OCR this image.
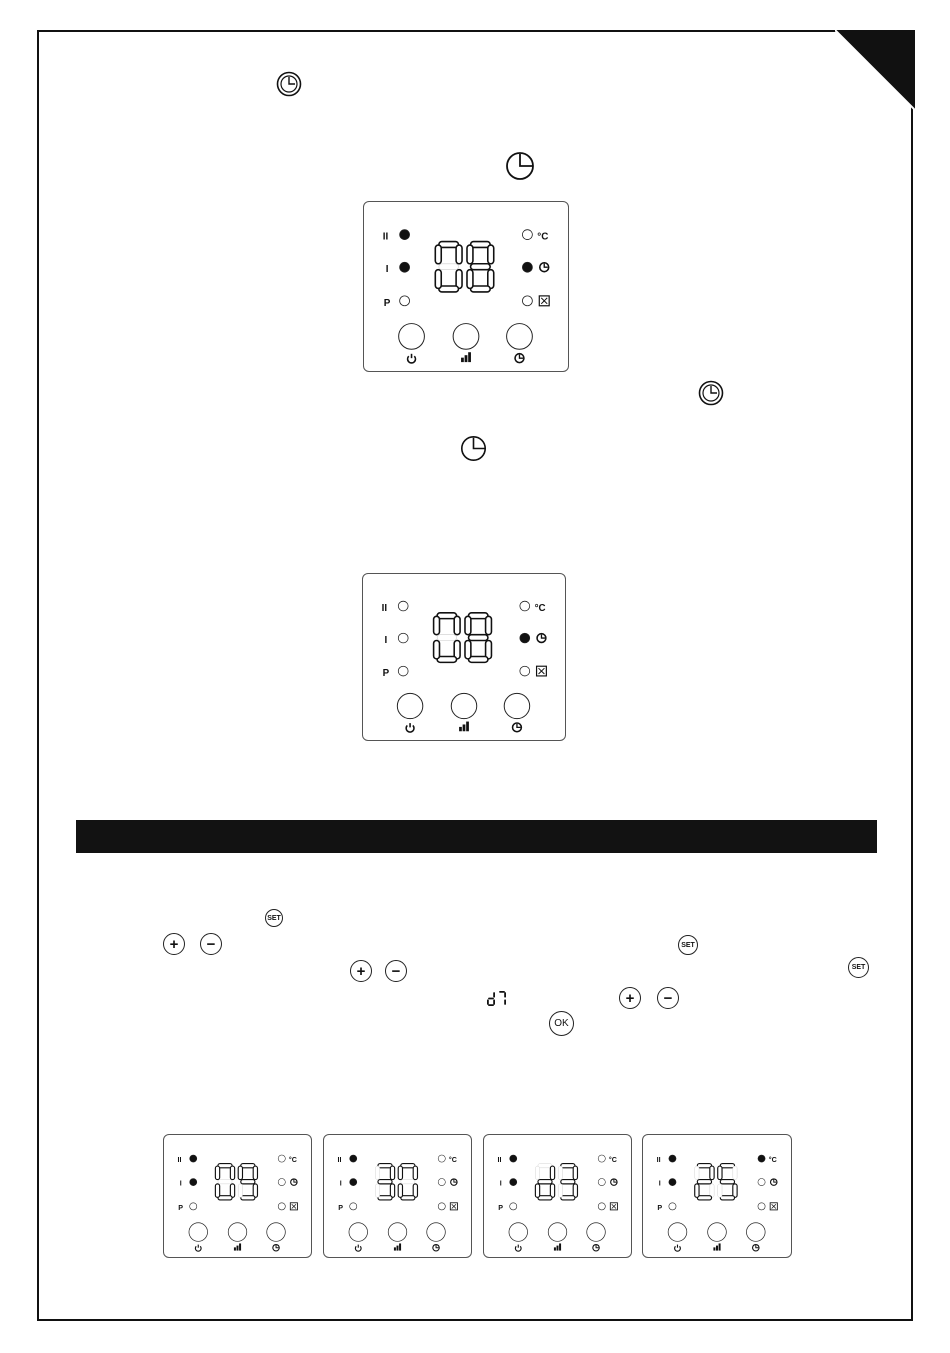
II
I
P
°C
II
I
P
°C
II
I
P
°C	II
I
P
°C	II
I
P
°C	II
I
P
°C
SET
+	−	SET
+	−	SET
+	−
OK
